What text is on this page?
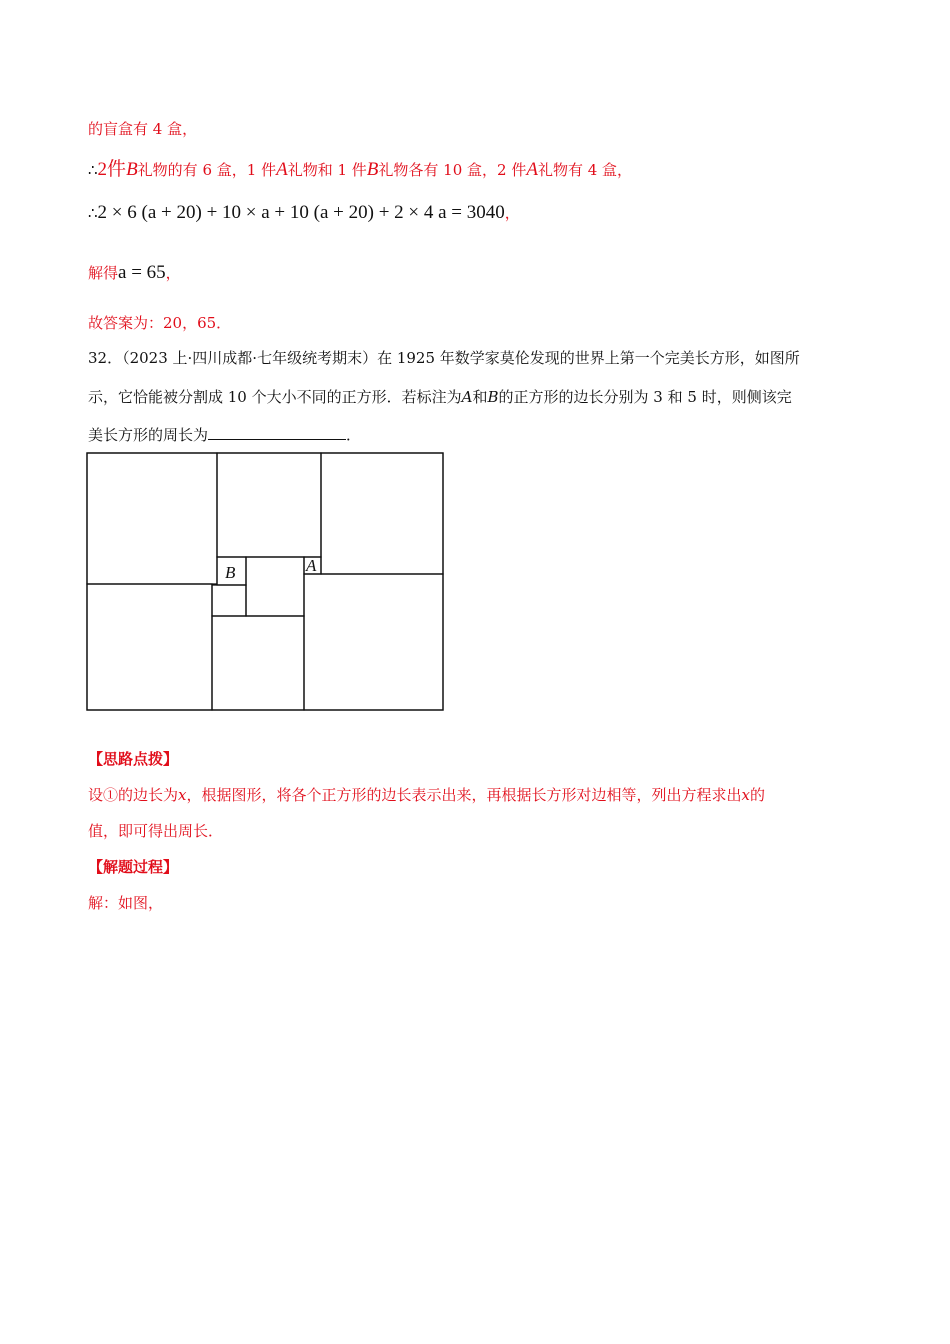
的盲盒有 4 盒，
∴2件B礼物的有 6 盒，1 件A礼物和 1 件B礼物各有 10 盒，2 件A礼物有 4 盒，
∴2 × 6 (a + 20) + 10 × a + 10 (a + 20) + 2 × 4 a = 3040，
解得a = 65，
故答案为：20，65．
32．（2023 上·四川成都·七年级统考期末）在 1925 年数学家莫伦发现的世界上第一个完美长方形，如图所
示，它恰能被分割成 10 个大小不同的正方形．若标注为A和B的正方形的边长分别为 3 和 5 时，则侧该完
美长方形的周长为	．
B	A
【思路点拨】
设①的边长为x，根据图形，将各个正方形的边长表示出来，再根据长方形对边相等，列出方程求出x的
值，即可得出周长．
【解题过程】
解：如图，
